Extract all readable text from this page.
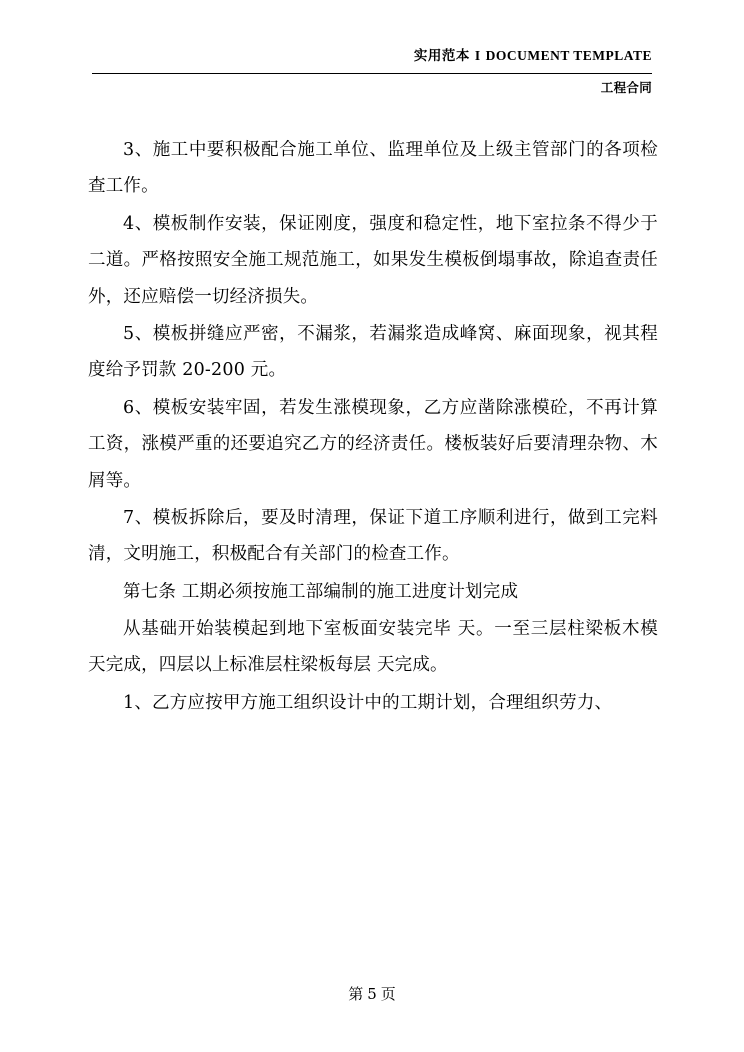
实用范本 I DOCUMENT TEMPLATE
工程合同

3、施工中要积极配合施工单位、监理单位及上级主管部门的各项检查工作。

4、模板制作安装，保证刚度，强度和稳定性，地下室拉条不得少于二道。严格按照安全施工规范施工，如果发生模板倒塌事故，除追查责任外，还应赔偿一切经济损失。

5、模板拼缝应严密，不漏浆，若漏浆造成峰窝、麻面现象，视其程度给予罚款 20-200 元。

6、模板安装牢固，若发生涨模现象，乙方应凿除涨模砼，不再计算工资，涨模严重的还要追究乙方的经济责任。楼板装好后要清理杂物、木屑等。

7、模板拆除后，要及时清理，保证下道工序顺利进行，做到工完料清，文明施工，积极配合有关部门的检查工作。

第七条 工期必须按施工部编制的施工进度计划完成

从基础开始装模起到地下室板面安装完毕 天。一至三层柱梁板木模 天完成，四层以上标准层柱梁板每层 天完成。

1、乙方应按甲方施工组织设计中的工期计划，合理组织劳力、

第 5 页
